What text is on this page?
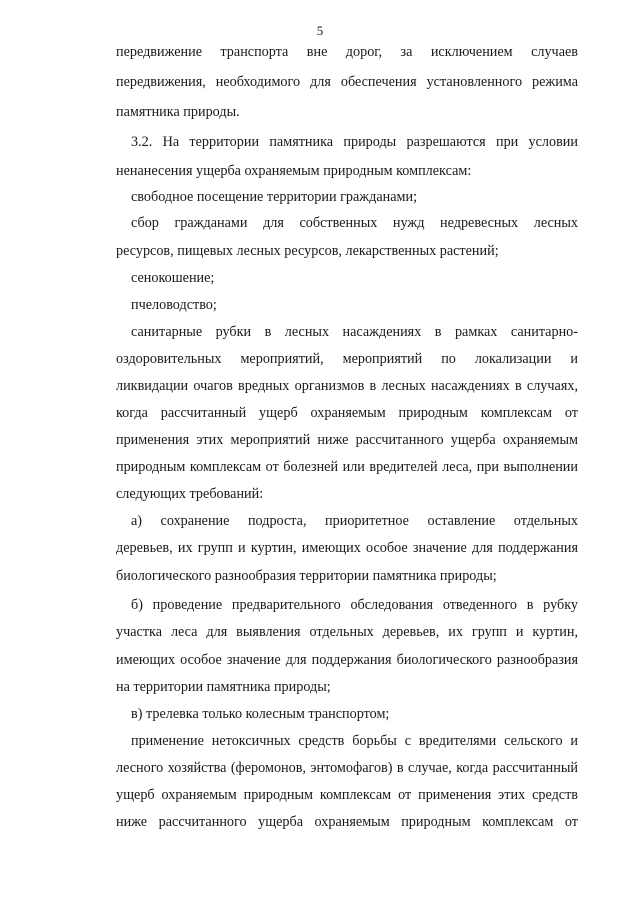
5
передвижение транспорта вне дорог, за исключением случаев
передвижения, необходимого для обеспечения установленного режима
памятника природы.
3.2. На территории памятника природы разрешаются при условии
ненанесения ущерба охраняемым природным комплексам:
свободное посещение территории гражданами;
сбор гражданами для собственных нужд недревесных лесных
ресурсов, пищевых лесных ресурсов, лекарственных растений;
сенокошение;
пчеловодство;
санитарные рубки в лесных насаждениях в рамках санитарно-
оздоровительных мероприятий, мероприятий по локализации и
ликвидации очагов вредных организмов в лесных насаждениях в случаях,
когда рассчитанный ущерб охраняемым природным комплексам от
применения этих мероприятий ниже рассчитанного ущерба охраняемым
природным комплексам от болезней или вредителей леса, при выполнении
следующих требований:
а) сохранение подроста, приоритетное оставление отдельных
деревьев, их групп и куртин, имеющих особое значение для поддержания
биологического разнообразия территории памятника природы;
б) проведение предварительного обследования отведенного в рубку
участка леса для выявления отдельных деревьев, их групп и куртин,
имеющих особое значение для поддержания биологического разнообразия
на территории памятника природы;
в) трелевка только колесным транспортом;
применение нетоксичных средств борьбы с вредителями сельского и
лесного хозяйства (феромонов, энтомофагов) в случае, когда рассчитанный
ущерб охраняемым природным комплексам от применения этих средств
ниже рассчитанного ущерба охраняемым природным комплексам от
